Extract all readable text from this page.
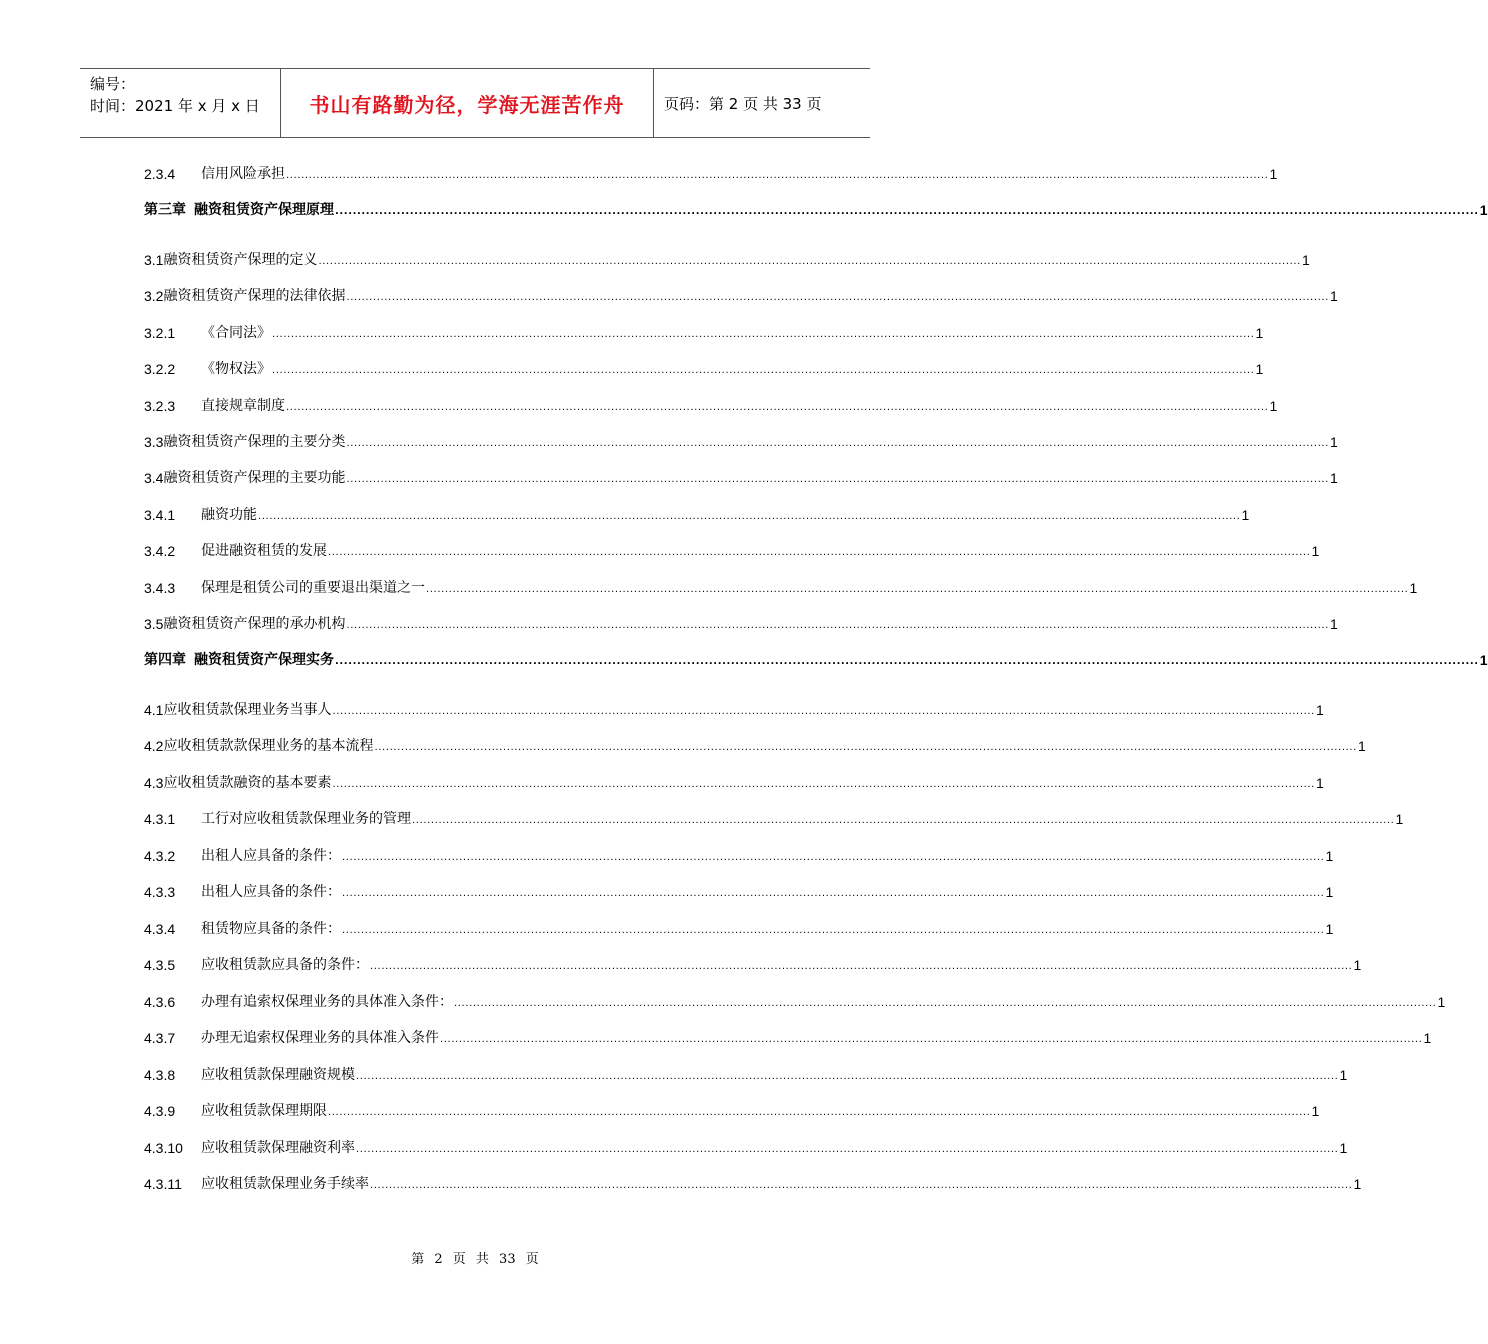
编号：
时间：2021 年 x 月 x 日	书山有路勤为径，学海无涯苦作舟	页码：第 2 页 共 33 页
2.3.4	信用风险承担 .................................................................................................................................................................................................................................................................... 1
第三章 融资租赁资产保理原理 .................................................................................................................................................................................................................................................................... 1
3.1 融资租赁资产保理的定义 .................................................................................................................................................................................................................................................................... 1
3.2 融资租赁资产保理的法律依据 .................................................................................................................................................................................................................................................................... 1
3.2.1	《合同法》 .................................................................................................................................................................................................................................................................... 1
3.2.2	《物权法》 .................................................................................................................................................................................................................................................................... 1
3.2.3	直接规章制度 .................................................................................................................................................................................................................................................................... 1
3.3 融资租赁资产保理的主要分类 .................................................................................................................................................................................................................................................................... 1
3.4 融资租赁资产保理的主要功能 .................................................................................................................................................................................................................................................................... 1
3.4.1	融资功能 .................................................................................................................................................................................................................................................................... 1
3.4.2	促进融资租赁的发展 .................................................................................................................................................................................................................................................................... 1
3.4.3	保理是租赁公司的重要退出渠道之一 .................................................................................................................................................................................................................................................................... 1
3.5 融资租赁资产保理的承办机构 .................................................................................................................................................................................................................................................................... 1
第四章 融资租赁资产保理实务 .................................................................................................................................................................................................................................................................... 1
4.1 应收租赁款保理业务当事人 .................................................................................................................................................................................................................................................................... 1
4.2 应收租赁款款保理业务的基本流程 .................................................................................................................................................................................................................................................................... 1
4.3 应收租赁款融资的基本要素 .................................................................................................................................................................................................................................................................... 1
4.3.1	工行对应收租赁款保理业务的管理 .................................................................................................................................................................................................................................................................... 1
4.3.2	出租人应具备的条件： .................................................................................................................................................................................................................................................................... 1
4.3.3	出租人应具备的条件： .................................................................................................................................................................................................................................................................... 1
4.3.4	租赁物应具备的条件： .................................................................................................................................................................................................................................................................... 1
4.3.5	应收租赁款应具备的条件： .................................................................................................................................................................................................................................................................... 1
4.3.6	办理有追索权保理业务的具体准入条件： .................................................................................................................................................................................................................................................................... 1
4.3.7	办理无追索权保理业务的具体准入条件 .................................................................................................................................................................................................................................................................... 1
4.3.8	应收租赁款保理融资规模 .................................................................................................................................................................................................................................................................... 1
4.3.9	应收租赁款保理期限 .................................................................................................................................................................................................................................................................... 1
4.3.10	应收租赁款保理融资利率 .................................................................................................................................................................................................................................................................... 1
4.3.11	应收租赁款保理业务手续率 .................................................................................................................................................................................................................................................................... 1
第 2 页 共 33 页
